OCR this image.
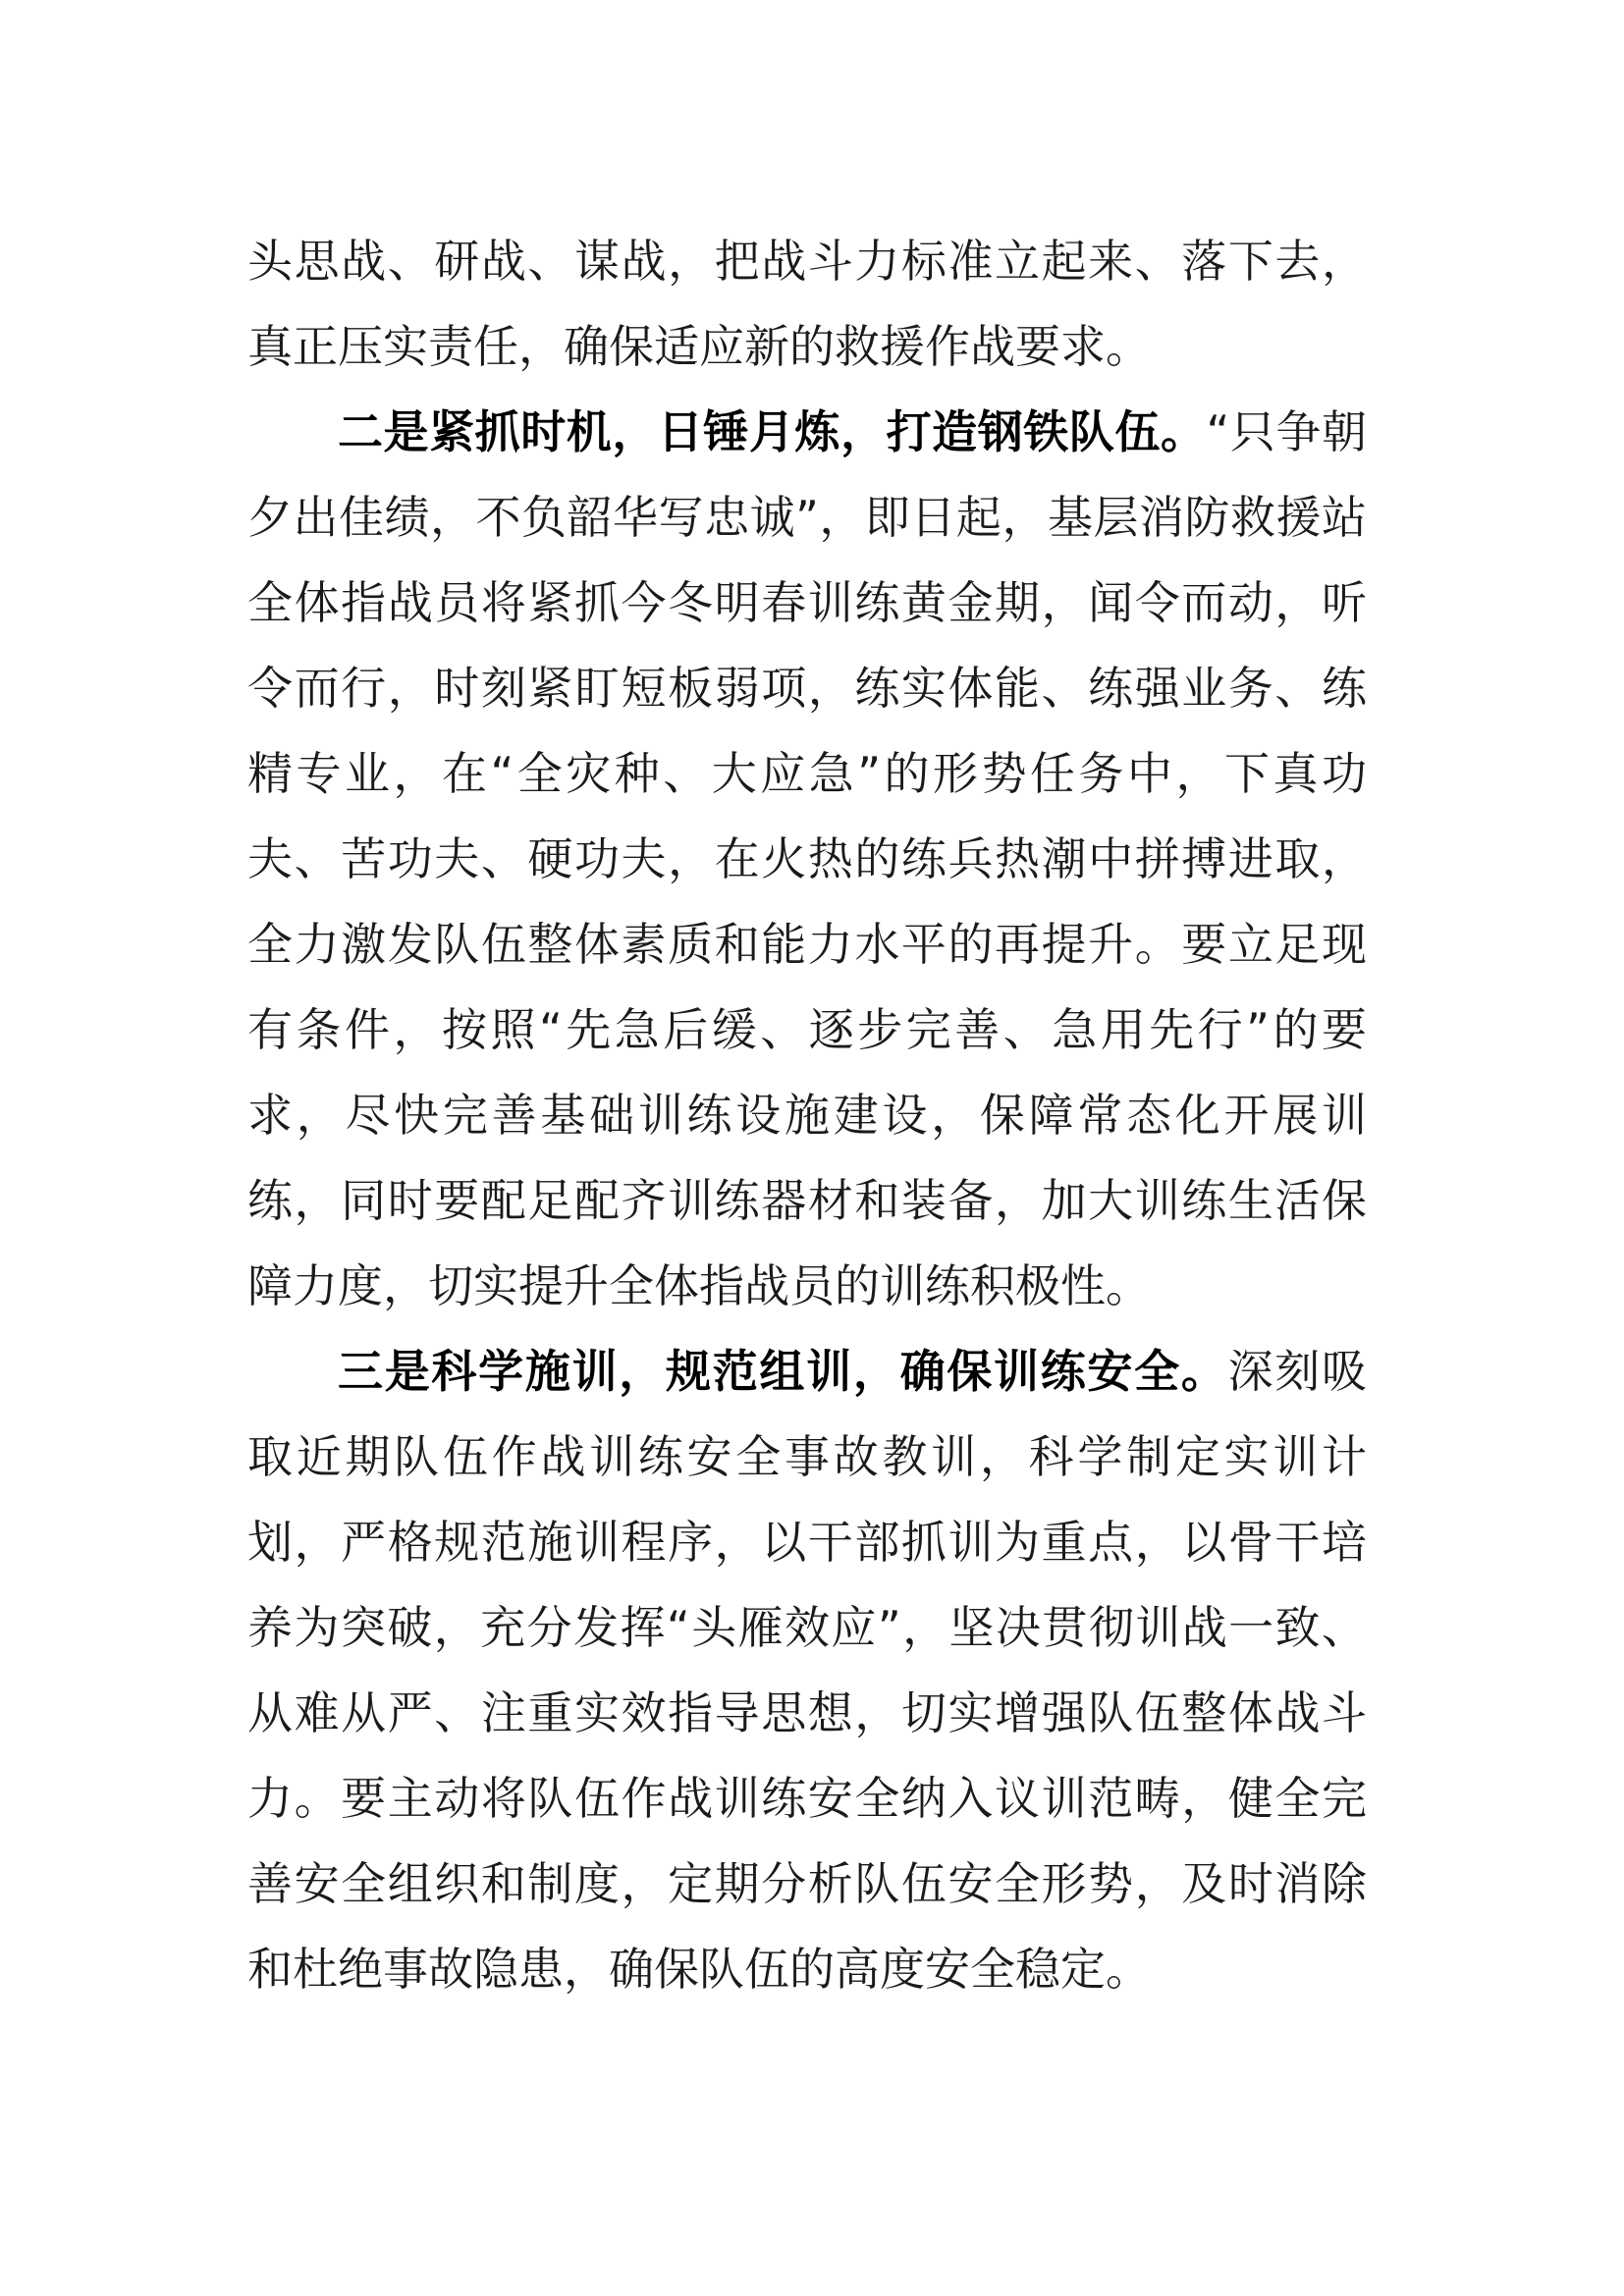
头思战、研战、谋战，把战斗力标准立起来、落下去，真正压实责任，确保适应新的救援作战要求。

二是紧抓时机，日锤月炼，打造钢铁队伍。“只争朝夕出佳绩，不负韶华写忠诚”，即日起，基层消防救援站全体指战员将紧抓今冬明春训练黄金期，闻令而动，听令而行，时刻紧盯短板弱项，练实体能、练强业务、练精专业，在“全灾种、大应急”的形势任务中，下真功夫、苦功夫、硬功夫，在火热的练兵热潮中拼搏进取，全力激发队伍整体素质和能力水平的再提升。要立足现有条件，按照“先急后缓、逐步完善、急用先行”的要求，尽快完善基础训练设施建设，保障常态化开展训练，同时要配足配齐训练器材和装备，加大训练生活保障力度，切实提升全体指战员的训练积极性。

三是科学施训，规范组训，确保训练安全。深刻吸取近期队伍作战训练安全事故教训，科学制定实训计划，严格规范施训程序，以干部抓训为重点，以骨干培养为突破，充分发挥“头雁效应”，坚决贯彻训战一致、从难从严、注重实效指导思想，切实增强队伍整体战斗力。要主动将队伍作战训练安全纳入议训范畴，健全完善安全组织和制度，定期分析队伍安全形势，及时消除和杜绝事故隐患，确保队伍的高度安全稳定。
